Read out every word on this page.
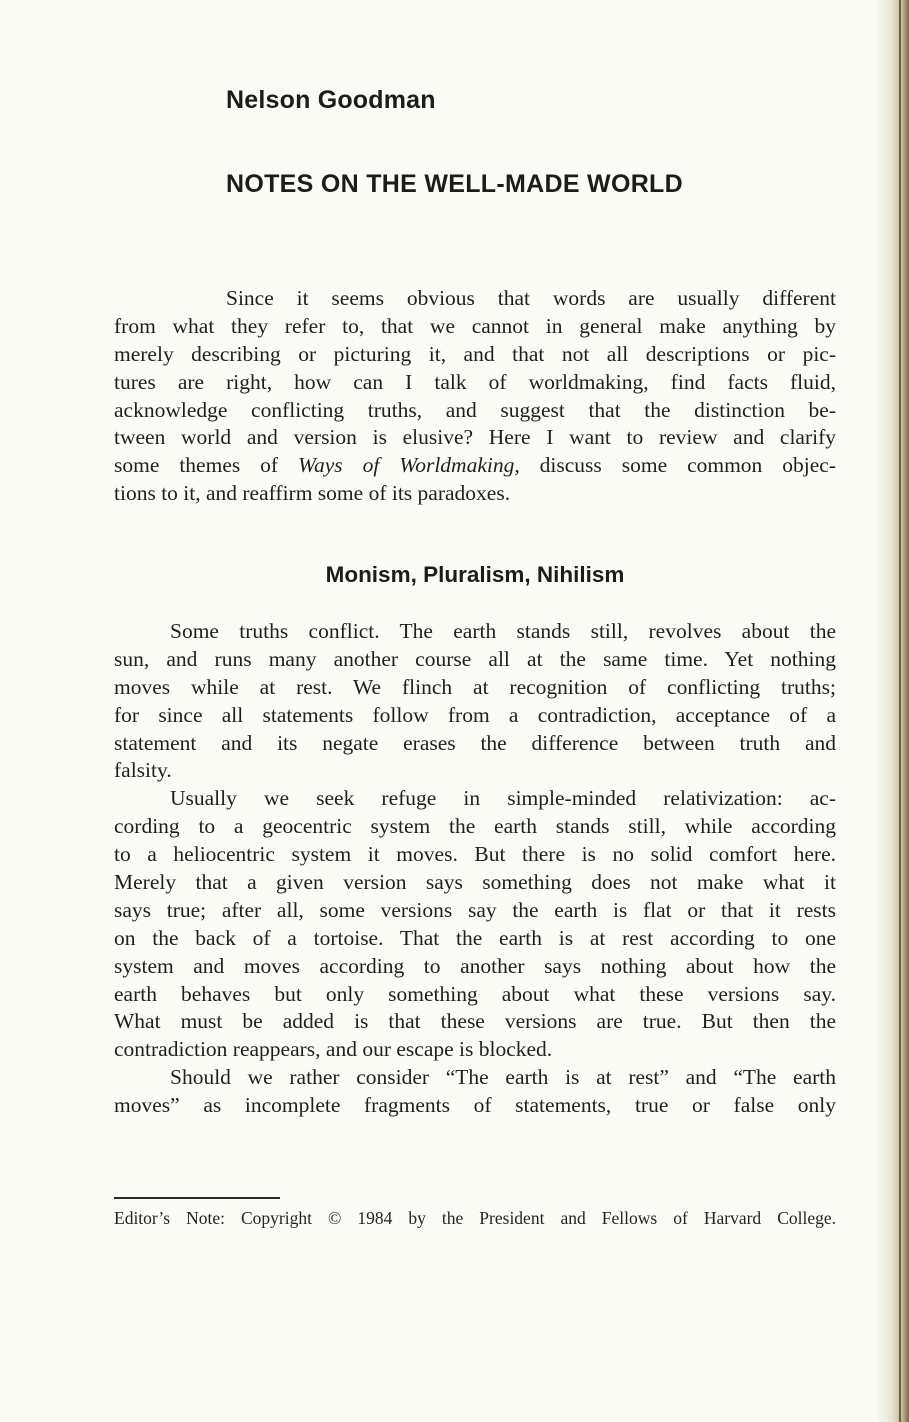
Nelson Goodman
NOTES ON THE WELL-MADE WORLD
Since it seems obvious that words are usually different
from what they refer to, that we cannot in general make anything by
merely describing or picturing it, and that not all descriptions or pic-
tures are right, how can I talk of worldmaking, find facts fluid,
acknowledge conflicting truths, and suggest that the distinction be-
tween world and version is elusive? Here I want to review and clarify
some themes of Ways of Worldmaking, discuss some common objec-
tions to it, and reaffirm some of its paradoxes.
Monism, Pluralism, Nihilism
Some truths conflict. The earth stands still, revolves about the
sun, and runs many another course all at the same time. Yet nothing
moves while at rest. We flinch at recognition of conflicting truths;
for since all statements follow from a contradiction, acceptance of a
statement and its negate erases the difference between truth and
falsity.
Usually we seek refuge in simple-minded relativization: ac-
cording to a geocentric system the earth stands still, while according
to a heliocentric system it moves. But there is no solid comfort here.
Merely that a given version says something does not make what it
says true; after all, some versions say the earth is flat or that it rests
on the back of a tortoise. That the earth is at rest according to one
system and moves according to another says nothing about how the
earth behaves but only something about what these versions say.
What must be added is that these versions are true. But then the
contradiction reappears, and our escape is blocked.
Should we rather consider “The earth is at rest” and “The earth
moves” as incomplete fragments of statements, true or false only
Editor’s Note: Copyright © 1984 by the President and Fellows of Harvard College.
